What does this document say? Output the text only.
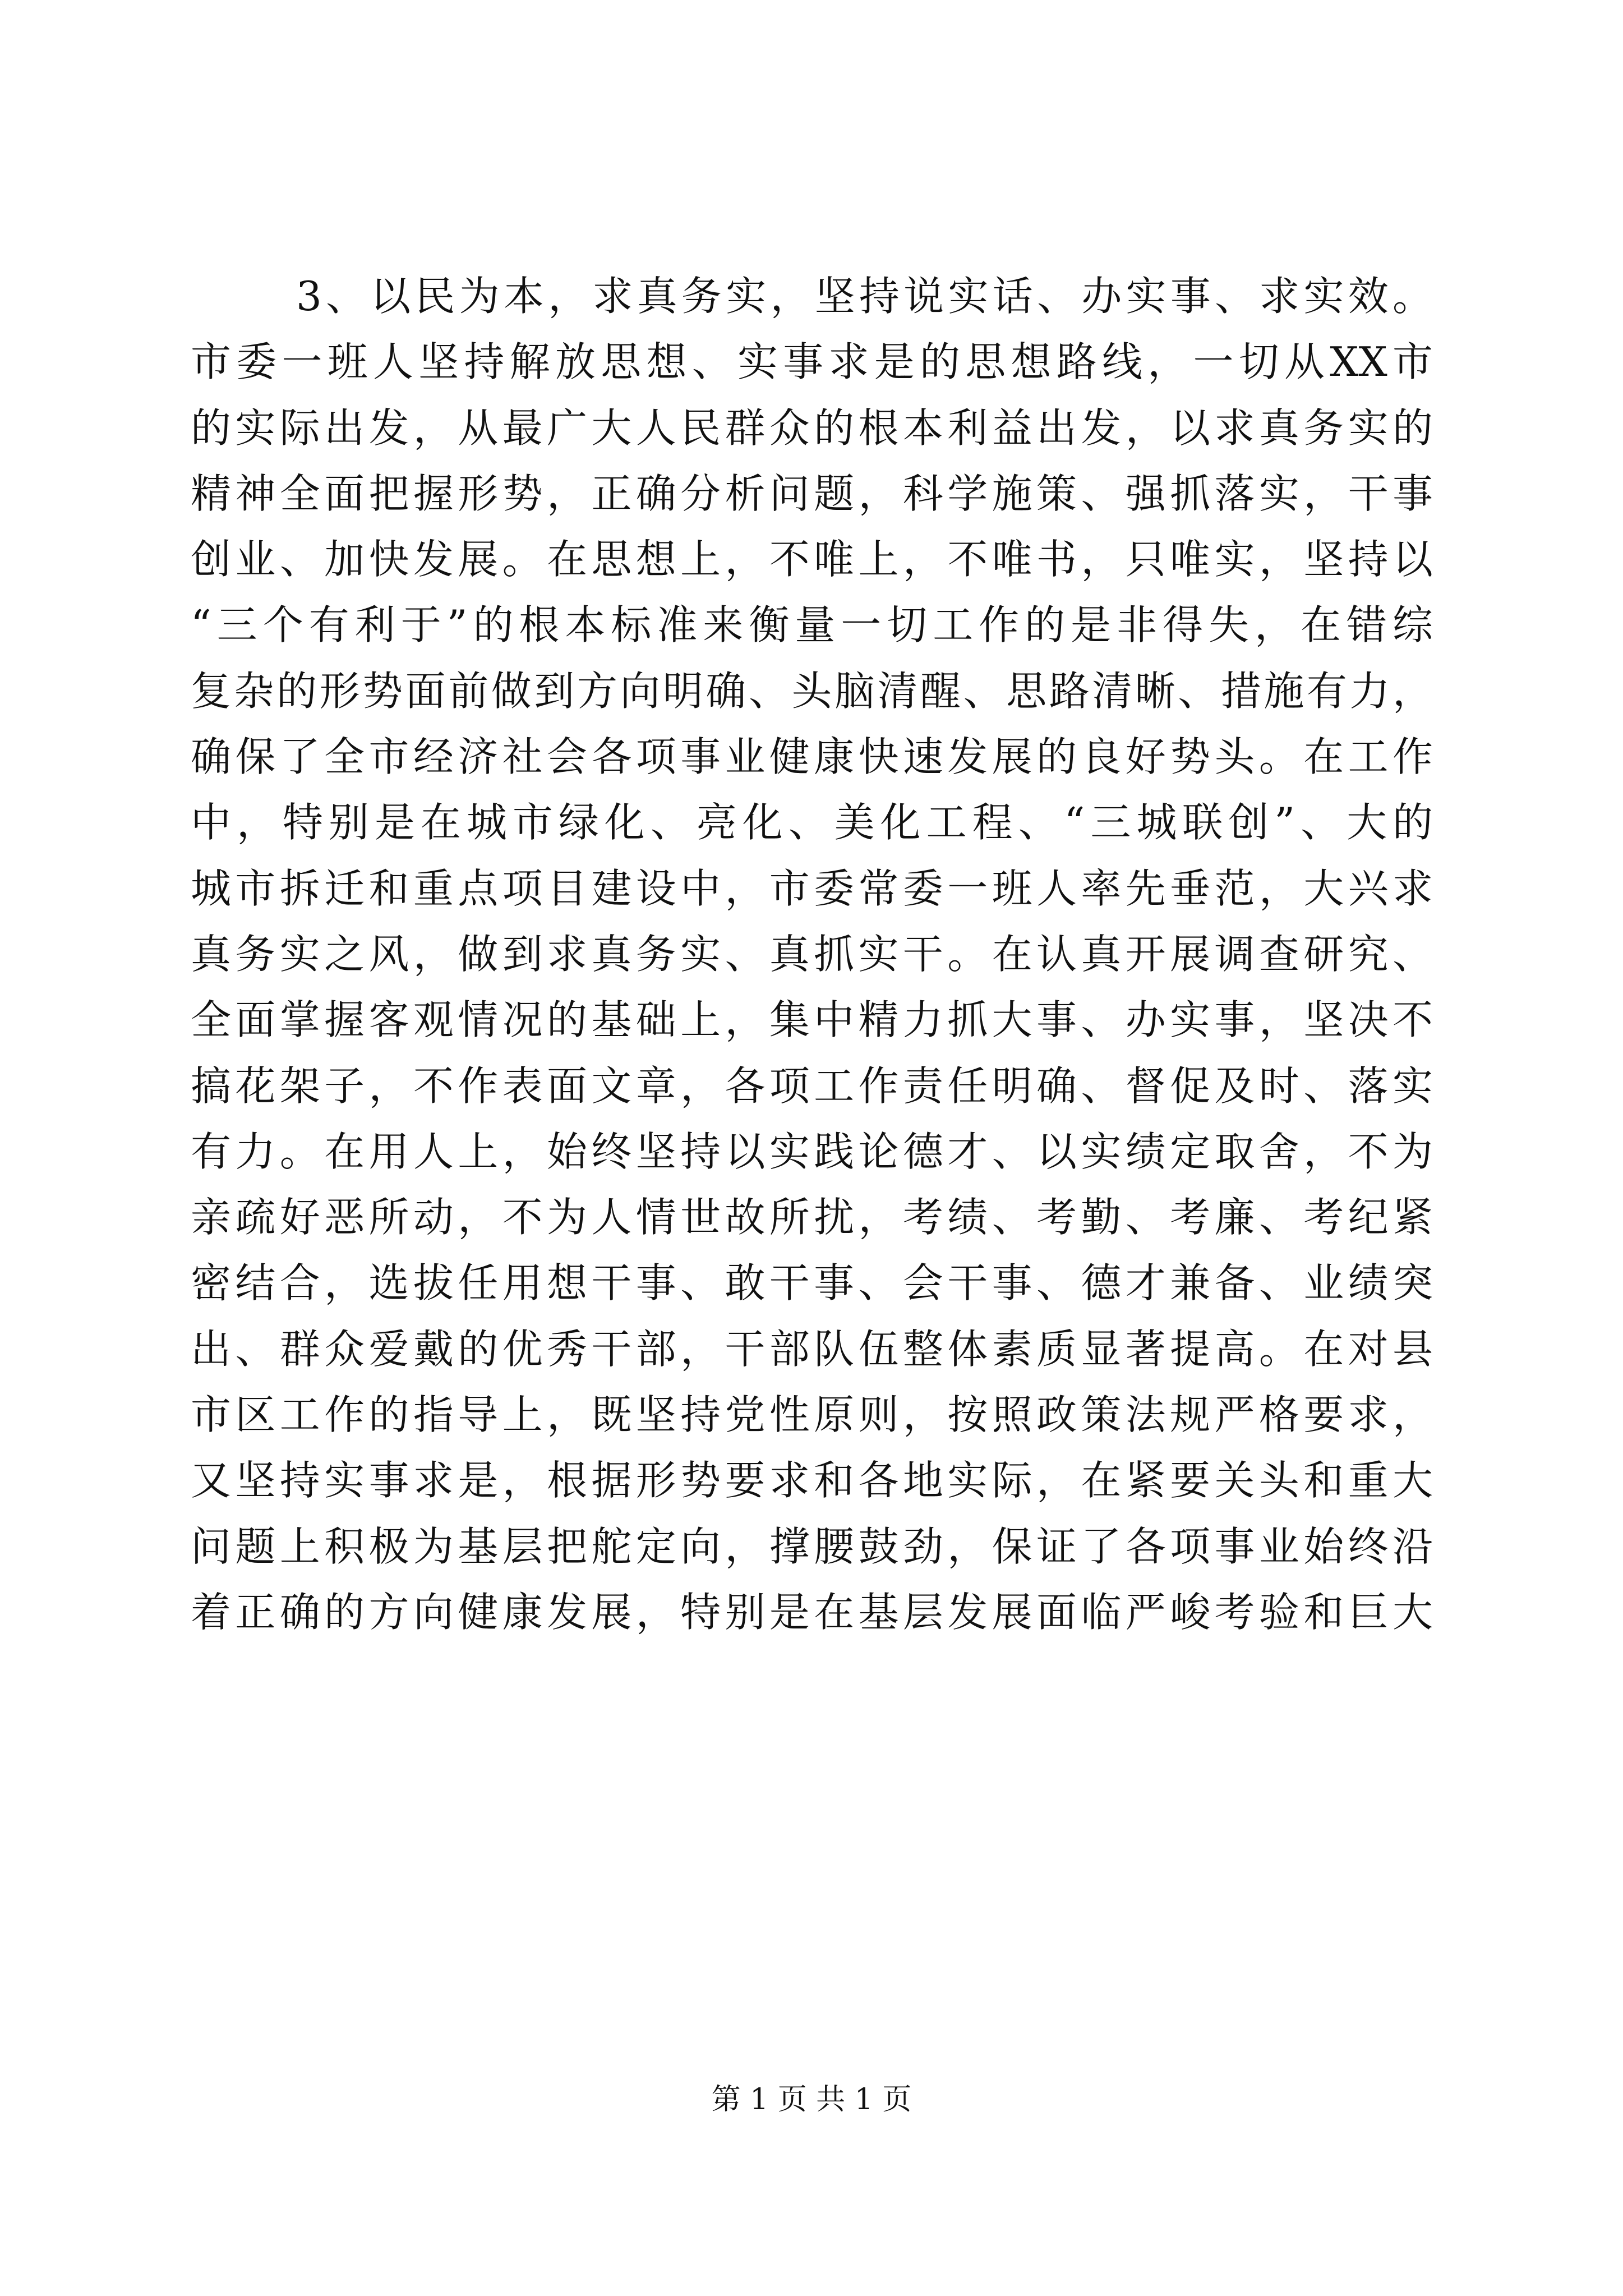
3、以民为本，求真务实，坚持说实话、办实事、求实效。
市委一班人坚持解放思想、实事求是的思想路线，一切从XX市
的实际出发，从最广大人民群众的根本利益出发，以求真务实的
精神全面把握形势，正确分析问题，科学施策、强抓落实，干事
创业、加快发展。在思想上，不唯上，不唯书，只唯实，坚持以
“三个有利于”的根本标准来衡量一切工作的是非得失，在错综
复杂的形势面前做到方向明确、头脑清醒、思路清晰、措施有力，
确保了全市经济社会各项事业健康快速发展的良好势头。在工作
中，特别是在城市绿化、亮化、美化工程、“三城联创”、大的
城市拆迁和重点项目建设中，市委常委一班人率先垂范，大兴求
真务实之风，做到求真务实、真抓实干。在认真开展调查研究、
全面掌握客观情况的基础上，集中精力抓大事、办实事，坚决不
搞花架子，不作表面文章，各项工作责任明确、督促及时、落实
有力。在用人上，始终坚持以实践论德才、以实绩定取舍，不为
亲疏好恶所动，不为人情世故所扰，考绩、考勤、考廉、考纪紧
密结合，选拔任用想干事、敢干事、会干事、德才兼备、业绩突
出、群众爱戴的优秀干部，干部队伍整体素质显著提高。在对县
市区工作的指导上，既坚持党性原则，按照政策法规严格要求，
又坚持实事求是，根据形势要求和各地实际，在紧要关头和重大
问题上积极为基层把舵定向，撑腰鼓劲，保证了各项事业始终沿
着正确的方向健康发展，特别是在基层发展面临严峻考验和巨大
第 1 页 共 1 页
